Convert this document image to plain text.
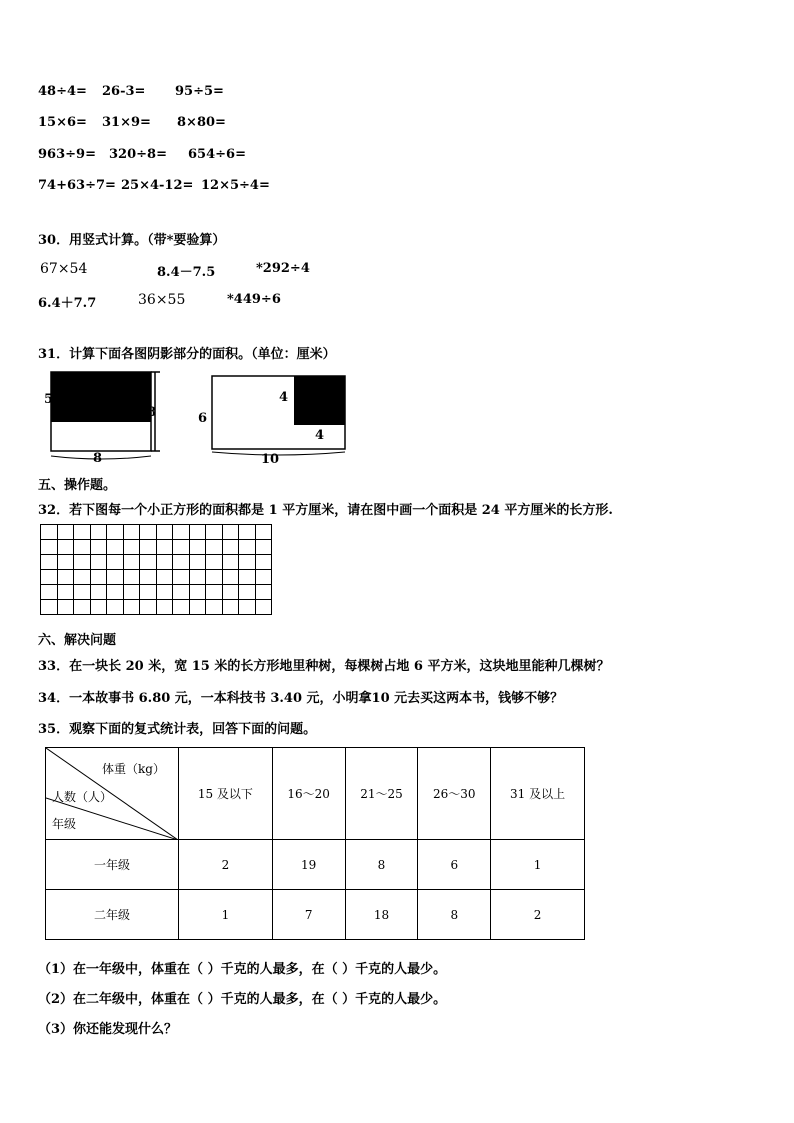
48÷4= 26-3= 95÷5=
15×6= 31×9= 8×80=
963÷9= 320÷8= 654÷6=
74+63÷7= 25×4-12= 12×5÷4=
30．用竖式计算。（带*要验算）
67×54	8.4－7.5	*292÷4
6.4＋7.7	36×55	*449÷6
31．计算下面各图阴影部分的面积。（单位：厘米）
5
8
8
6
4
4
10
五、操作题。
32．若下图每一个小正方形的面积都是 1 平方厘米，请在图中画一个面积是 24 平方厘米的长方形.

六、解决问题
33．在一块长 20 米，宽 15 米的长方形地里种树，每棵树占地 6 平方米，这块地里能种几棵树？
34．一本故事书 6.80 元，一本科技书 3.40 元，小明拿10 元去买这两本书，钱够不够？
35．观察下面的复式统计表，回答下面的问题。
体重（kg）
人数（人）
年级	15 及以下	16～20	21～25	26～30	31 及以上
一年级	2	19	8	6	1
二年级	1	7	18	8	2
（1）在一年级中，体重在（ ）千克的人最多，在（ ）千克的人最少。
（2）在二年级中，体重在（ ）千克的人最多，在（ ）千克的人最少。
（3）你还能发现什么？
